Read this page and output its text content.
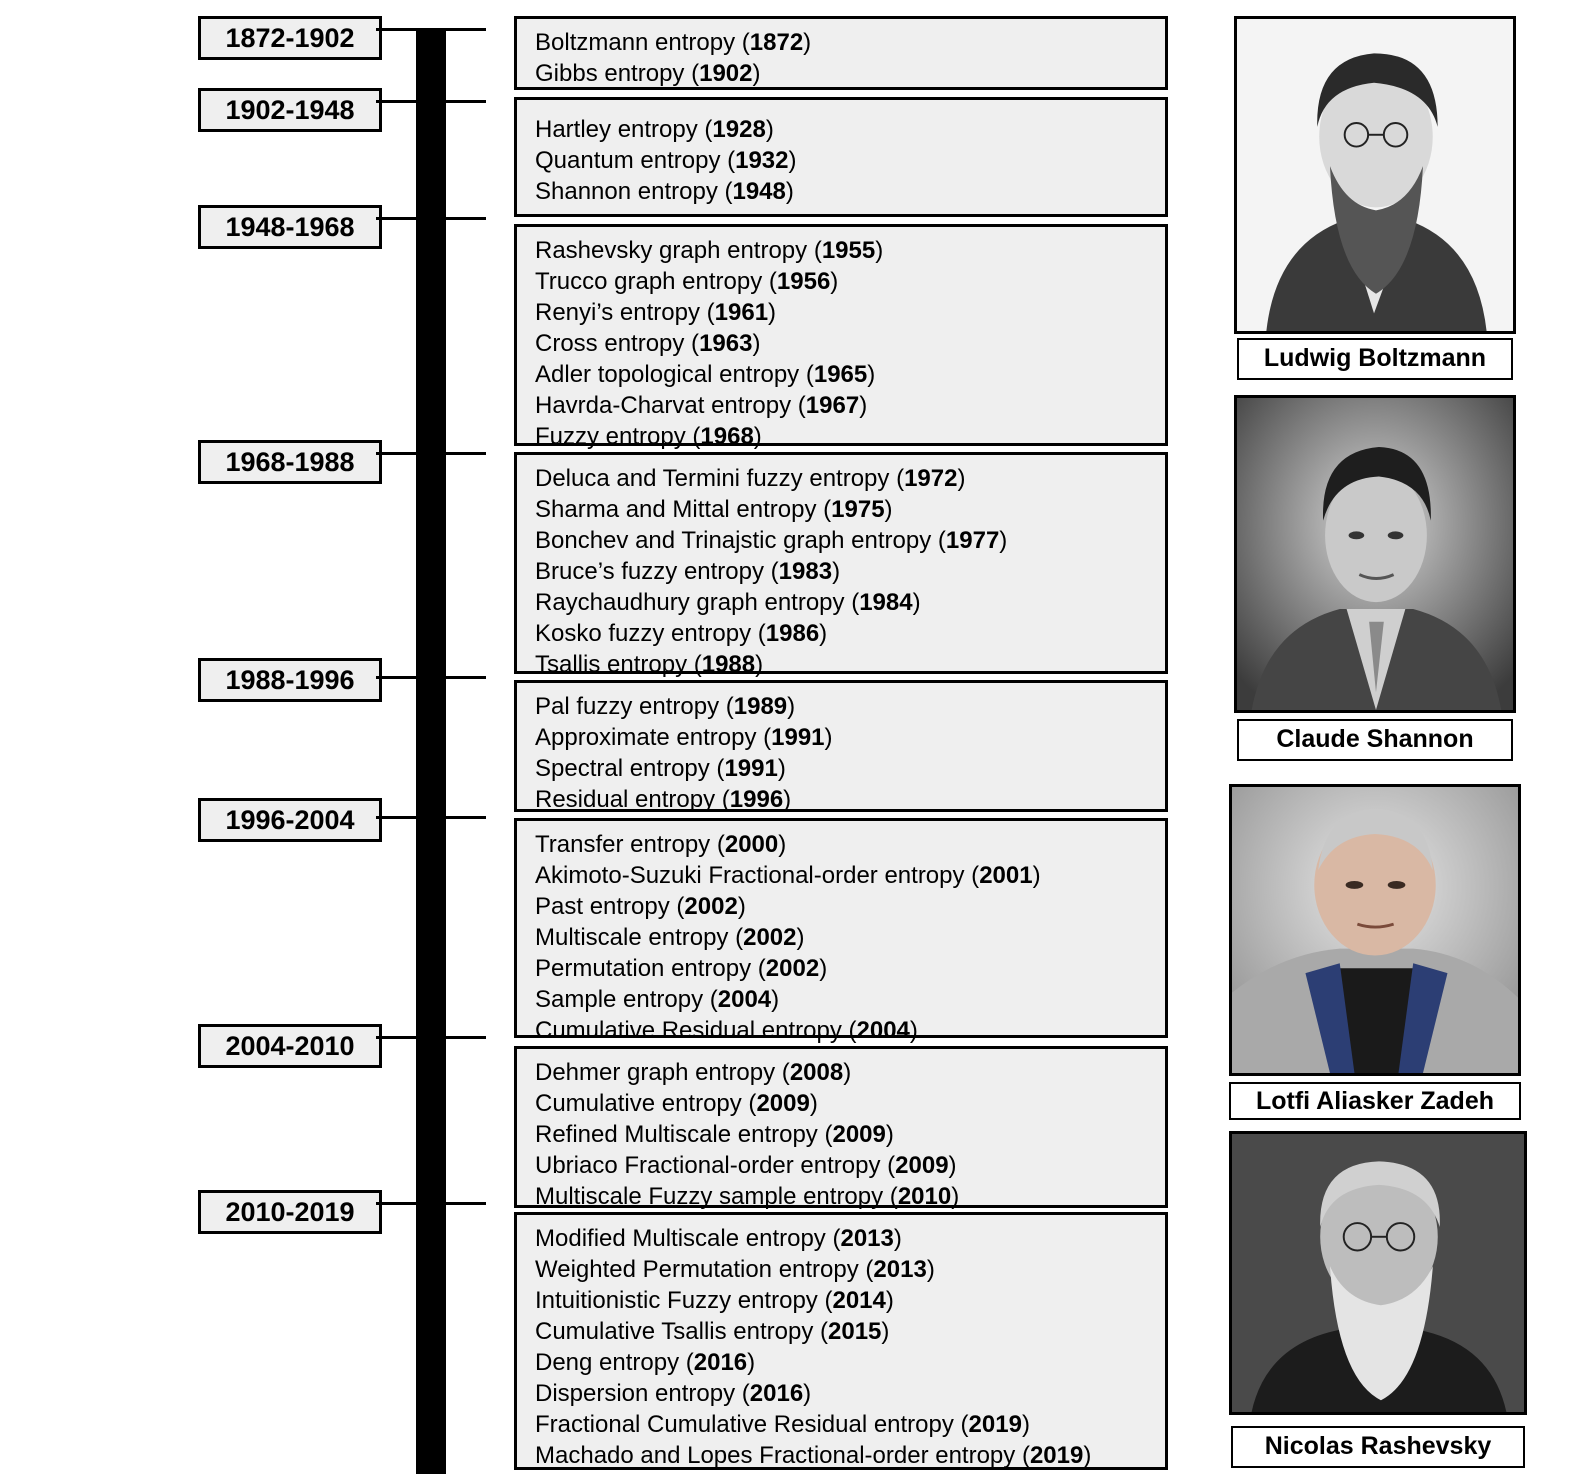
1872-1902	Boltzmann entropy (1872)
Gibbs entropy (1902)
1902-1948
Hartley entropy (1928)
Quantum entropy (1932)
Shannon entropy (1948)
1948-1968
Rashevsky graph entropy (1955)
Trucco graph entropy (1956)
Renyi’s entropy (1961)
Cross entropy (1963)
Adler topological entropy (1965)
Havrda-Charvat entropy (1967)
Fuzzy entropy (1968)
1968-1988
Deluca and Termini fuzzy entropy (1972)
Sharma and Mittal entropy (1975)
Bonchev and Trinajstic graph entropy (1977)
Bruce’s fuzzy entropy (1983)
Raychaudhury graph entropy (1984)
Kosko fuzzy entropy (1986)
Tsallis entropy (1988)
1988-1996
Pal fuzzy entropy (1989)
Approximate entropy (1991)
Spectral entropy (1991)
Residual entropy (1996)
1996-2004
Transfer entropy (2000)
Akimoto-Suzuki Fractional-order entropy (2001)
Past entropy (2002)
Multiscale entropy (2002)
Permutation entropy (2002)
Sample entropy (2004)
Cumulative Residual entropy (2004)
2004-2010
Dehmer graph entropy (2008)
Cumulative entropy (2009)
Refined Multiscale entropy (2009)
Ubriaco Fractional-order entropy (2009)
Multiscale Fuzzy sample entropy (2010)
2010-2019
Modified Multiscale entropy (2013)
Weighted Permutation entropy (2013)
Intuitionistic Fuzzy entropy (2014)
Cumulative Tsallis entropy (2015)
Deng entropy (2016)
Dispersion entropy (2016)
Fractional Cumulative Residual entropy (2019)
Machado and Lopes Fractional-order entropy (2019)
Ludwig Boltzmann
Claude Shannon
Lotfi Aliasker Zadeh
Nicolas Rashevsky
